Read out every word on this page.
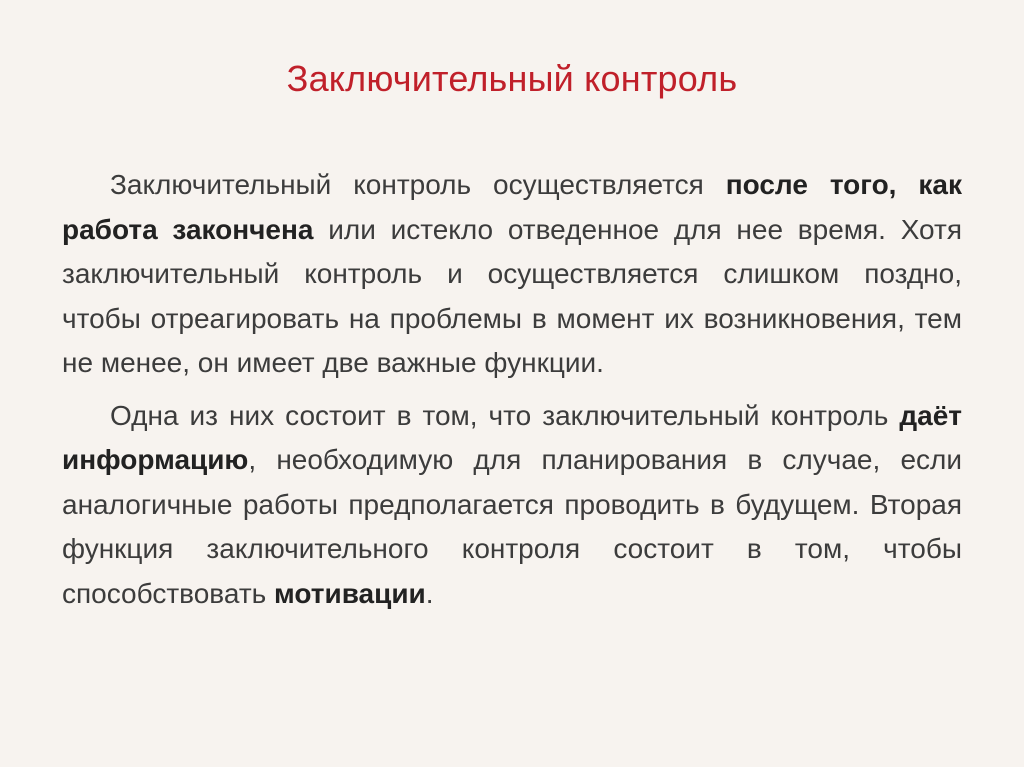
Заключительный контроль

Заключительный контроль осуществляется после того, как работа закончена или истекло отведенное для нее время. Хотя заключительный контроль и осуществляется слишком поздно, чтобы отреагировать на проблемы в момент их возникновения, тем не менее, он имеет две важные функции.

Одна из них состоит в том, что заключительный контроль даёт информацию, необходимую для планирования в случае, если аналогичные работы предполагается проводить в будущем. Вторая функция заключительного контроля состоит в том, чтобы способствовать мотивации.
